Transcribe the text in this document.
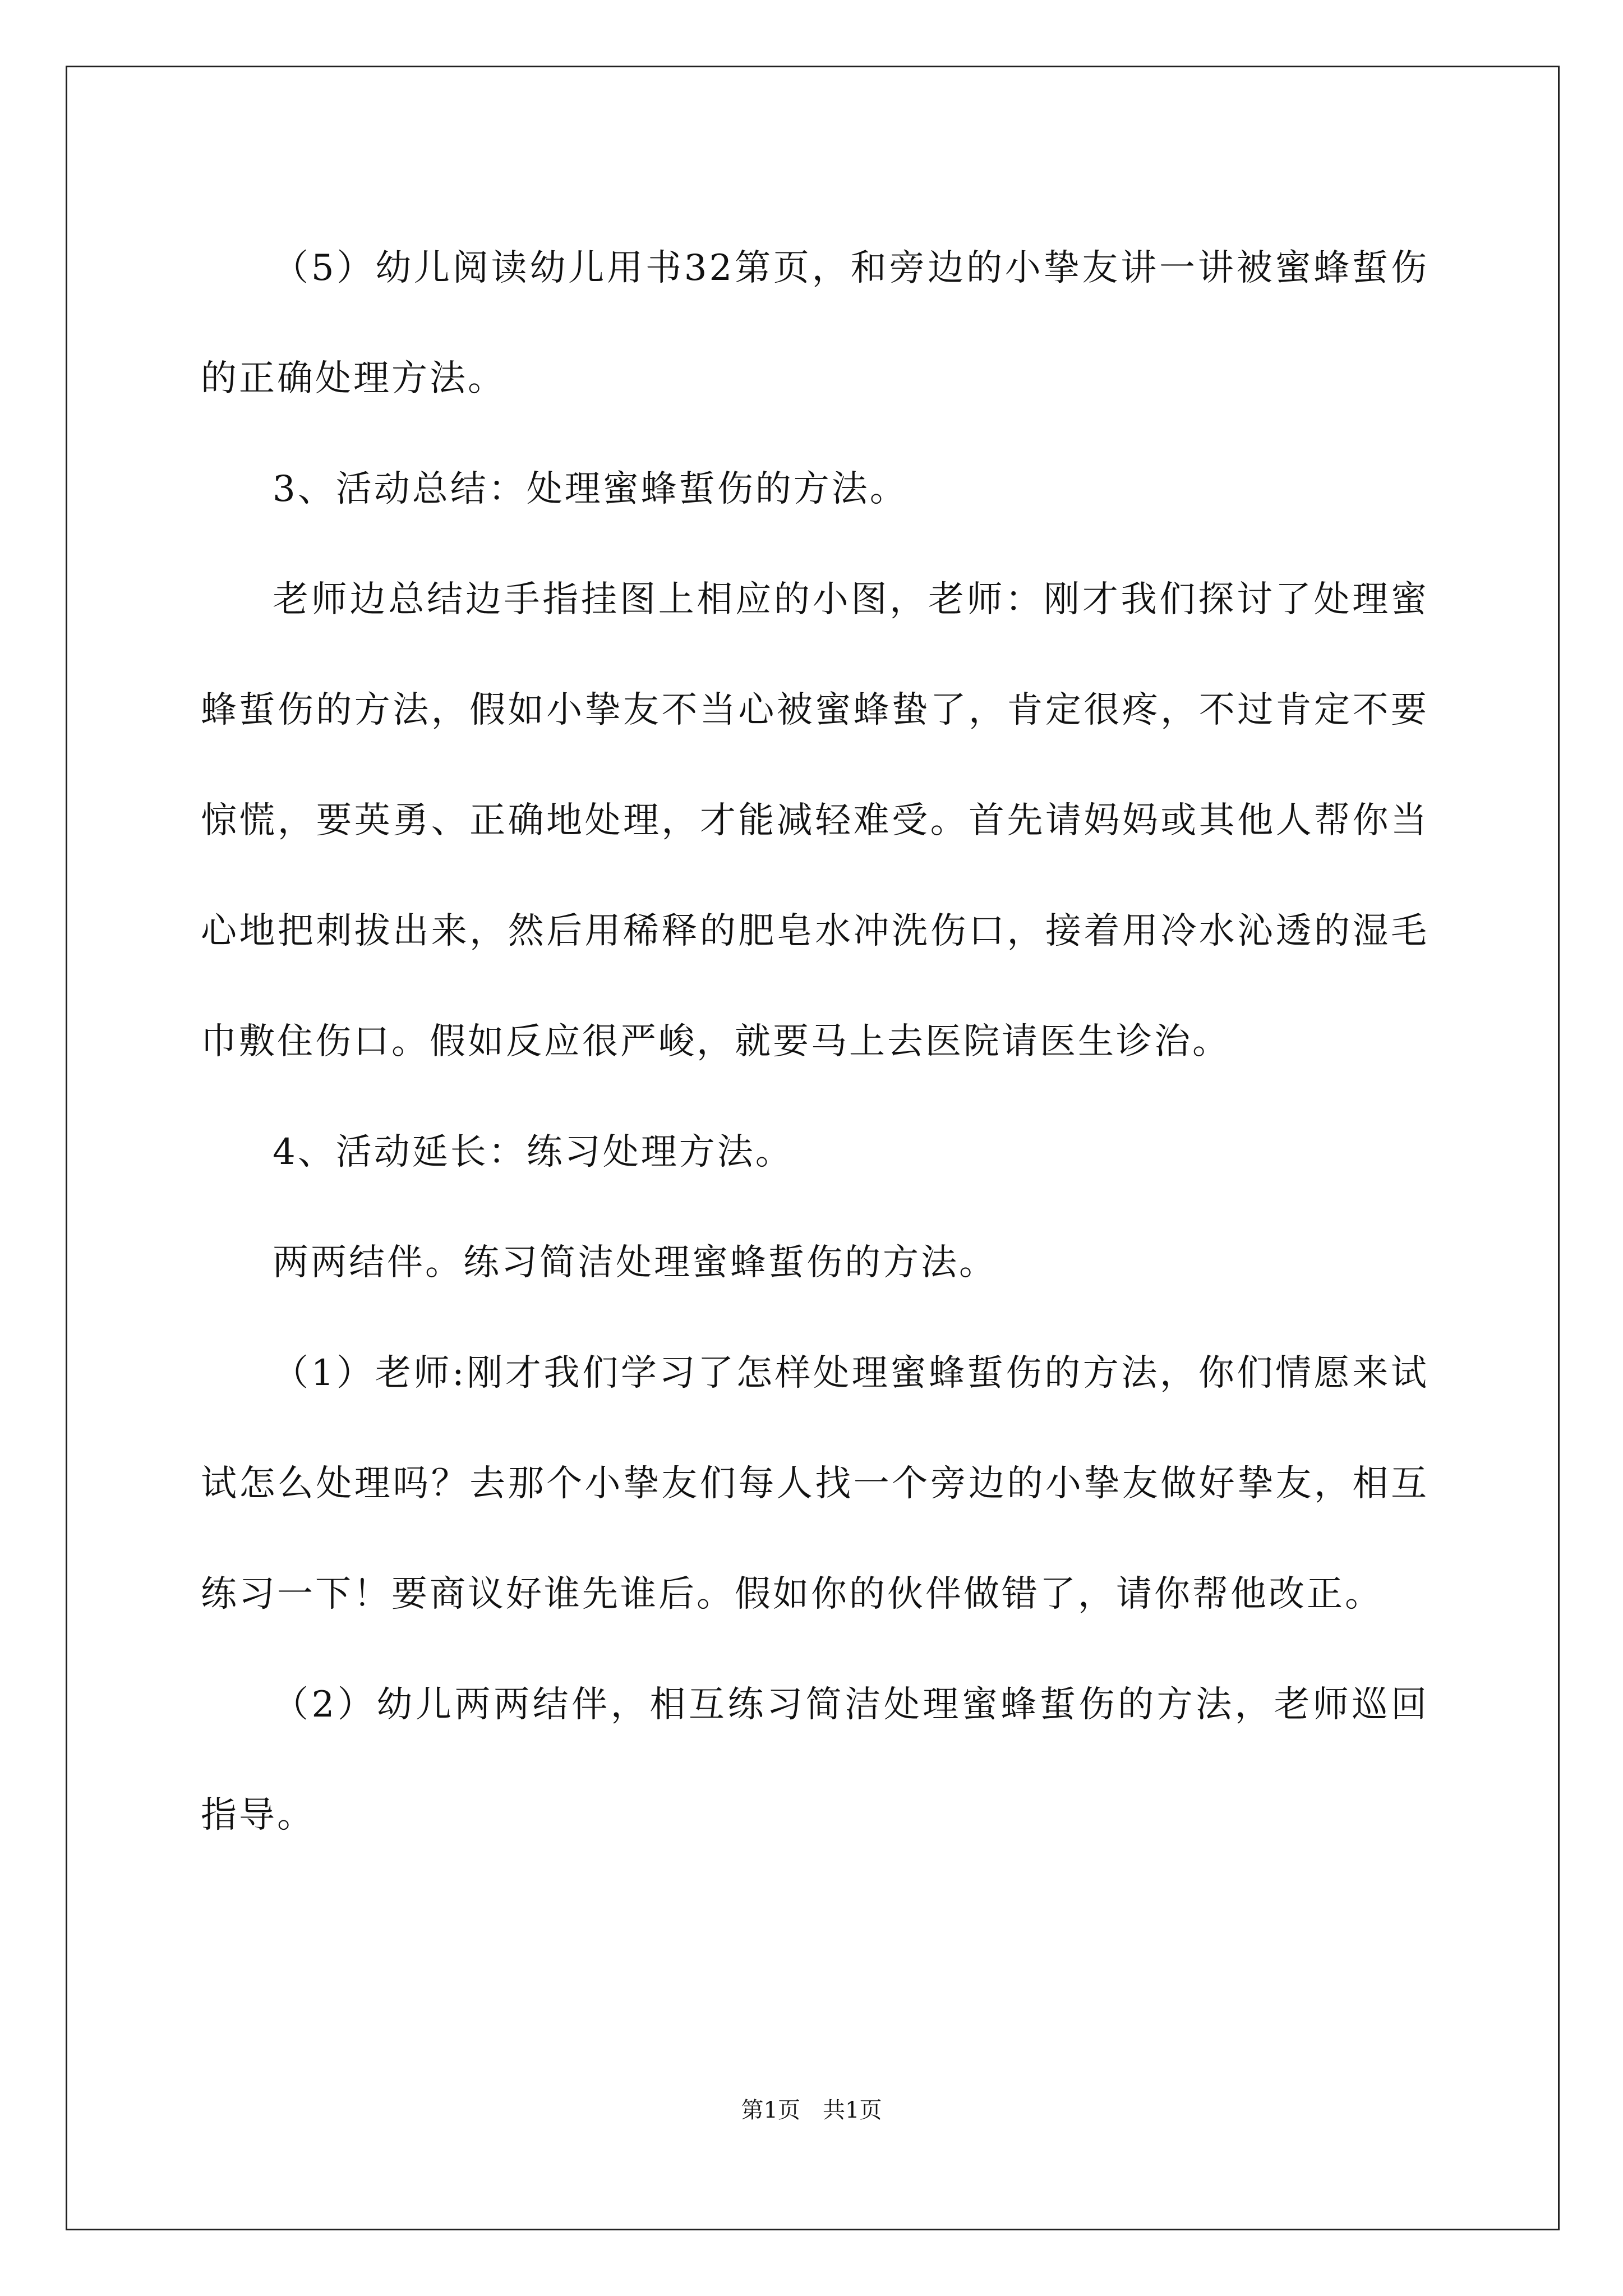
（5）幼儿阅读幼儿用书32第页，和旁边的小挚友讲一讲被蜜蜂蜇伤的正确处理方法。

3、活动总结：处理蜜蜂蜇伤的方法。

老师边总结边手指挂图上相应的小图，老师：刚才我们探讨了处理蜜蜂蜇伤的方法，假如小挚友不当心被蜜蜂蛰了，肯定很疼，不过肯定不要惊慌，要英勇、正确地处理，才能减轻难受。首先请妈妈或其他人帮你当心地把刺拔出来，然后用稀释的肥皂水冲洗伤口，接着用冷水沁透的湿毛巾敷住伤口。假如反应很严峻，就要马上去医院请医生诊治。

4、活动延长：练习处理方法。

两两结伴。练习简洁处理蜜蜂蜇伤的方法。

（1）老师:刚才我们学习了怎样处理蜜蜂蜇伤的方法，你们情愿来试试怎么处理吗？去那个小挚友们每人找一个旁边的小挚友做好挚友，相互练习一下！要商议好谁先谁后。假如你的伙伴做错了，请你帮他改正。

（2）幼儿两两结伴，相互练习简洁处理蜜蜂蜇伤的方法，老师巡回指导。

第1页 共1页
